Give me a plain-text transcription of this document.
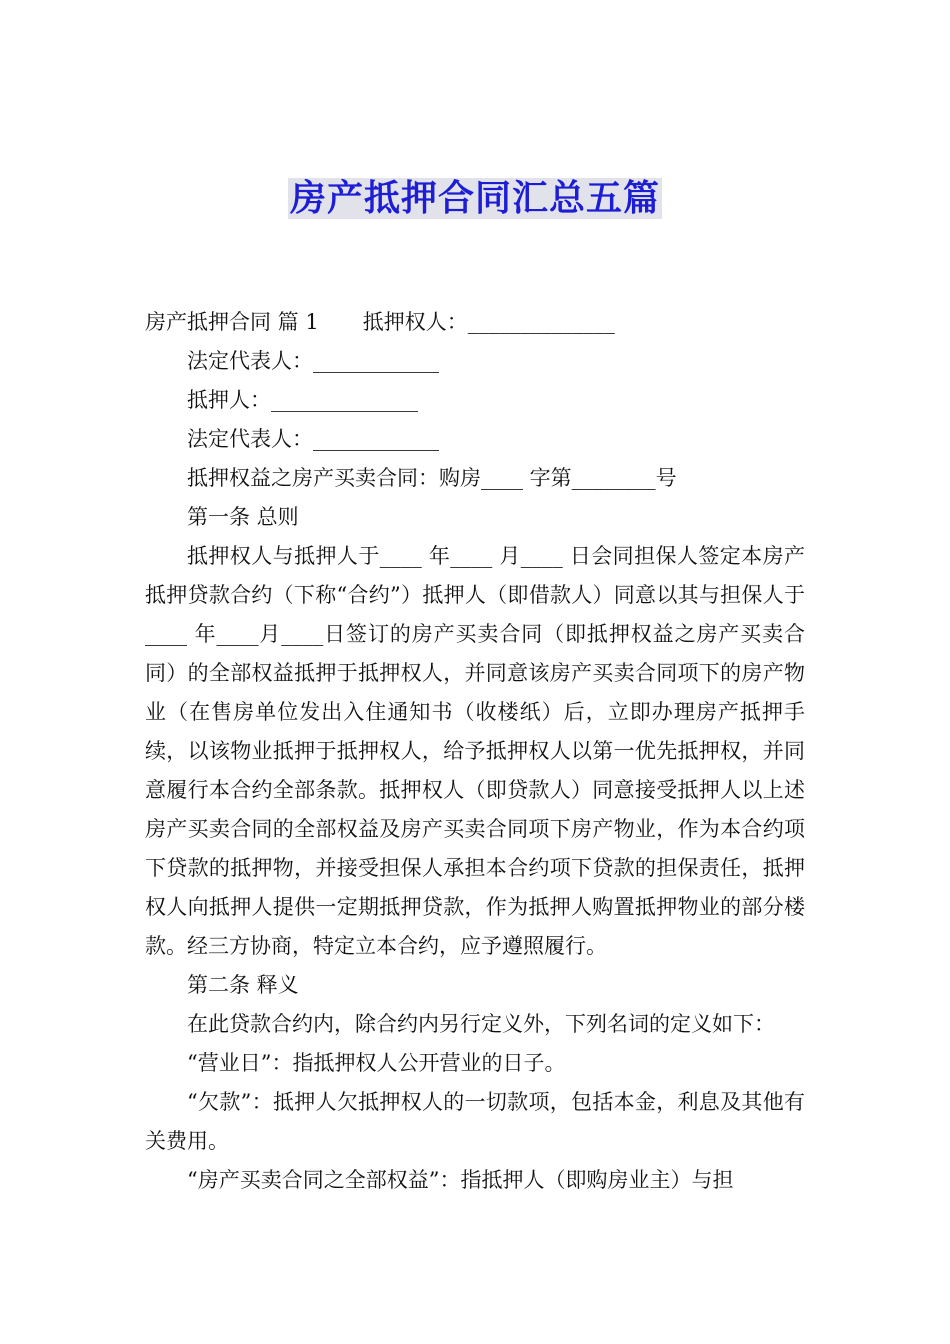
房产抵押合同汇总五篇

房产抵押合同 篇 1 抵押权人：______________

法定代表人：____________

抵押人：______________

法定代表人：____________

抵押权益之房产买卖合同：购房____ 字第________号

第一条 总则

抵押权人与抵押人于____ 年____ 月____ 日会同担保人签定本房产抵押贷款合约（下称“合约”）抵押人（即借款人）同意以其与担保人于____ 年____月____日签订的房产买卖合同（即抵押权益之房产买卖合同）的全部权益抵押于抵押权人，并同意该房产买卖合同项下的房产物业（在售房单位发出入住通知书（收楼纸）后，立即办理房产抵押手续，以该物业抵押于抵押权人，给予抵押权人以第一优先抵押权，并同意履行本合约全部条款。抵押权人（即贷款人）同意接受抵押人以上述房产买卖合同的全部权益及房产买卖合同项下房产物业，作为本合约项下贷款的抵押物，并接受担保人承担本合约项下贷款的担保责任，抵押权人向抵押人提供一定期抵押贷款，作为抵押人购置抵押物业的部分楼款。经三方协商，特定立本合约，应予遵照履行。

第二条 释义

在此贷款合约内，除合约内另行定义外，下列名词的定义如下：

“营业日”：指抵押权人公开营业的日子。

“欠款”：抵押人欠抵押权人的一切款项，包括本金，利息及其他有关费用。

“房产买卖合同之全部权益”：指抵押人（即购房业主）与担
